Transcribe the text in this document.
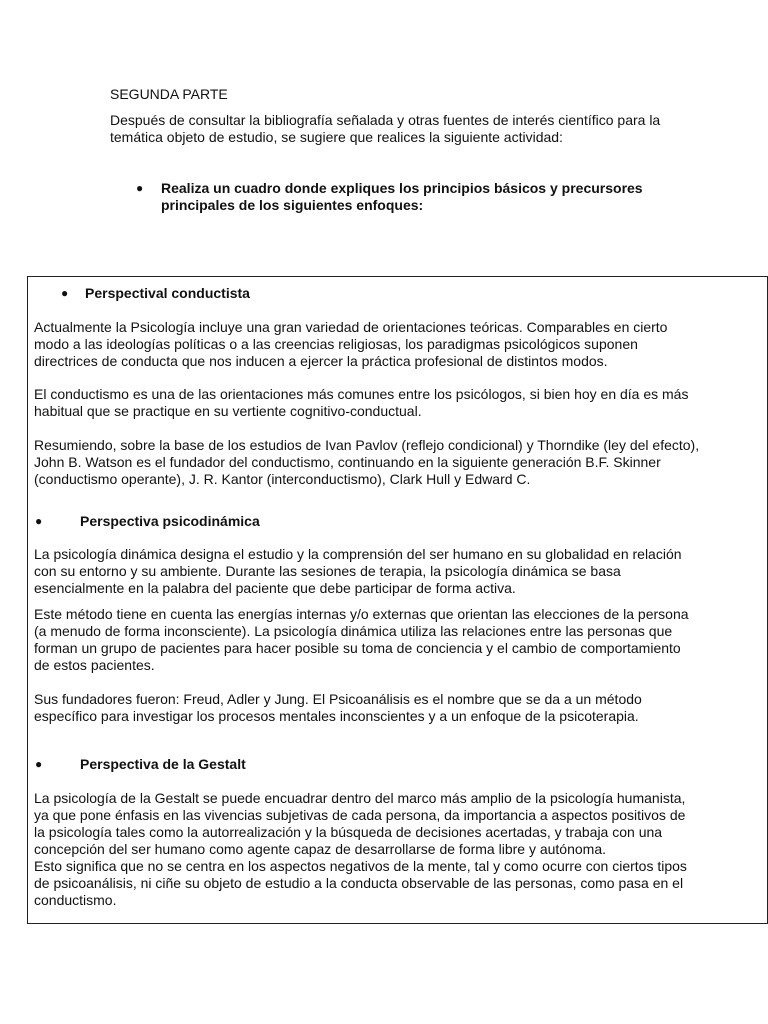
SEGUNDA PARTE

Después de consultar la bibliografía señalada y otras fuentes de interés científico para la temática objeto de estudio, se sugiere que realices la siguiente actividad:

● Realiza un cuadro donde expliques los principios básicos y precursores principales de los siguientes enfoques:
● Perspectival conductista

Actualmente la Psicología incluye una gran variedad de orientaciones teóricas. Comparables en cierto
modo a las ideologías políticas o a las creencias religiosas, los paradigmas psicológicos suponen
directrices de conducta que nos inducen a ejercer la práctica profesional de distintos modos.

El conductismo es una de las orientaciones más comunes entre los psicólogos, si bien hoy en día es más
habitual que se practique en su vertiente cognitivo-conductual.

Resumiendo, sobre la base de los estudios de Ivan Pavlov (reflejo condicional) y Thorndike (ley del efecto),
John B. Watson es el fundador del conductismo, continuando en la siguiente generación B.F. Skinner
(conductismo operante), J. R. Kantor (interconductismo), Clark Hull y Edward C.

●	Perspectiva psicodinámica

La psicología dinámica designa el estudio y la comprensión del ser humano en su globalidad en relación
con su entorno y su ambiente. Durante las sesiones de terapia, la psicología dinámica se basa
esencialmente en la palabra del paciente que debe participar de forma activa.

Este método tiene en cuenta las energías internas y/o externas que orientan las elecciones de la persona
(a menudo de forma inconsciente). La psicología dinámica utiliza las relaciones entre las personas que
forman un grupo de pacientes para hacer posible su toma de conciencia y el cambio de comportamiento
de estos pacientes.

Sus fundadores fueron: Freud, Adler y Jung. El Psicoanálisis es el nombre que se da a un método
específico para investigar los procesos mentales inconscientes y a un enfoque de la psicoterapia.

●	Perspectiva de la Gestalt

La psicología de la Gestalt se puede encuadrar dentro del marco más amplio de la psicología humanista,
ya que pone énfasis en las vivencias subjetivas de cada persona, da importancia a aspectos positivos de
la psicología tales como la autorrealización y la búsqueda de decisiones acertadas, y trabaja con una
concepción del ser humano como agente capaz de desarrollarse de forma libre y autónoma.
Esto significa que no se centra en los aspectos negativos de la mente, tal y como ocurre con ciertos tipos
de psicoanálisis, ni ciñe su objeto de estudio a la conducta observable de las personas, como pasa en el
conductismo.
